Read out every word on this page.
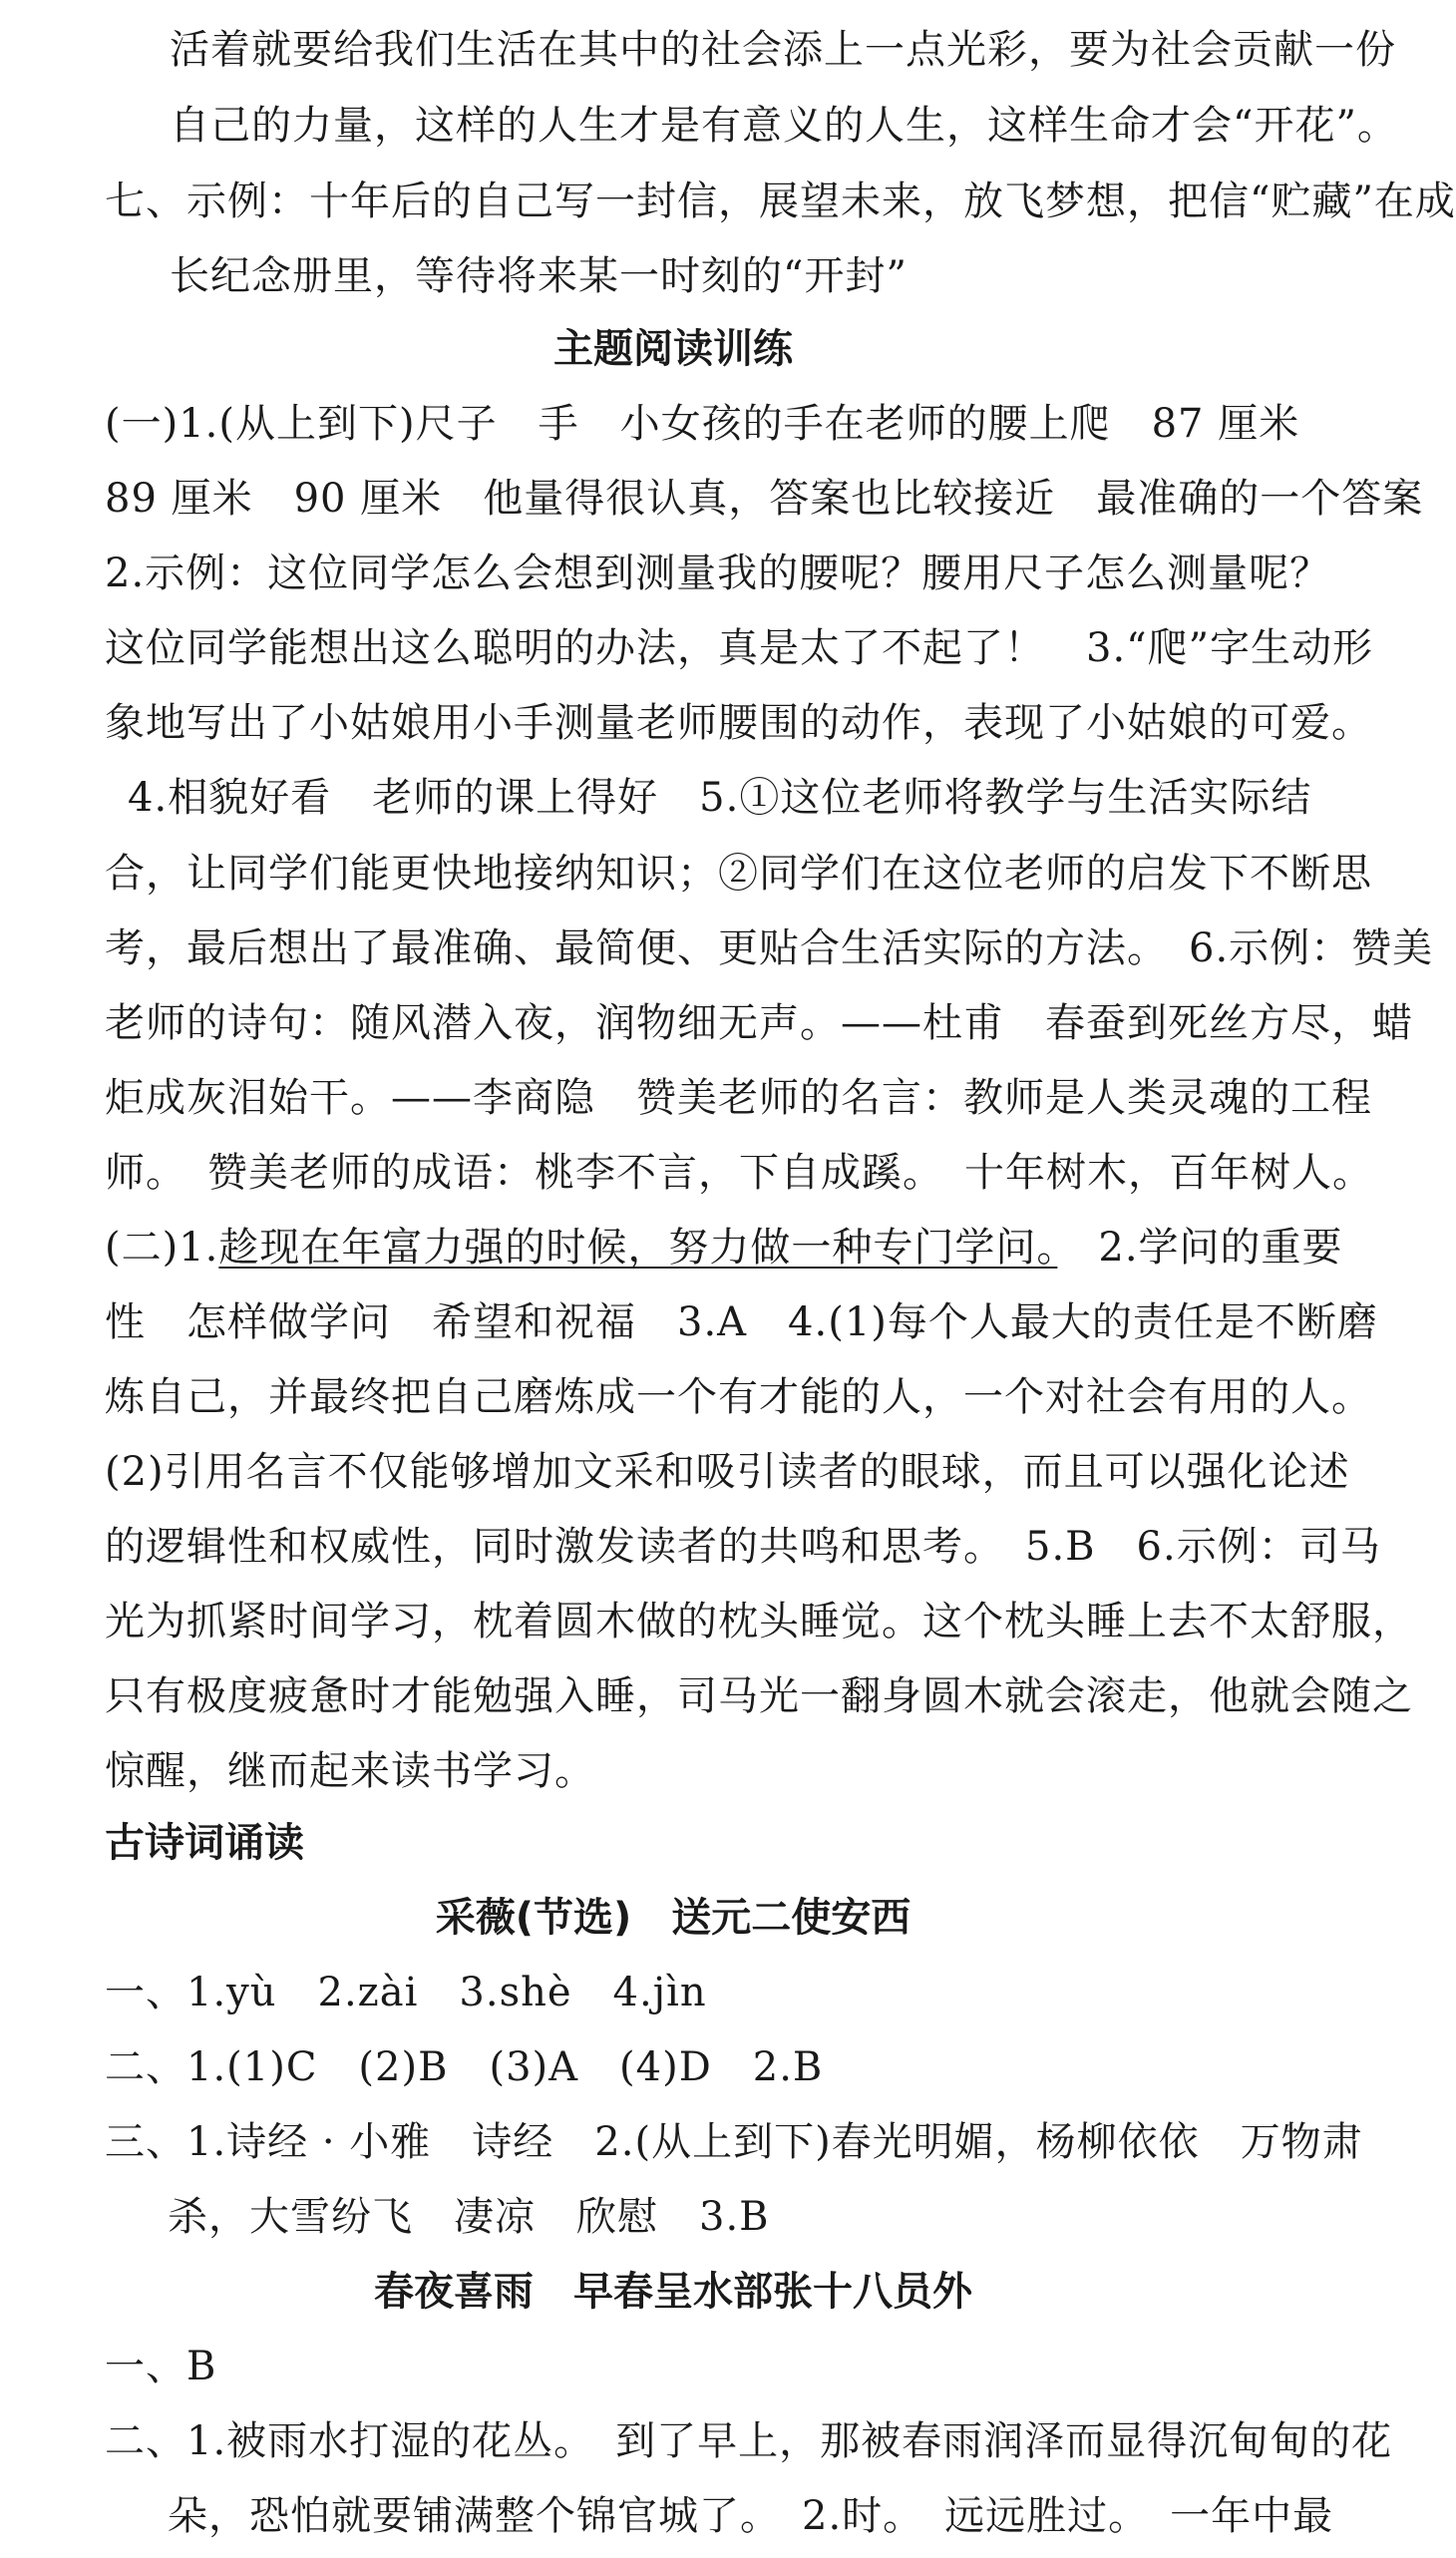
活着就要给我们生活在其中的社会添上一点光彩，要为社会贡献一份
自己的力量，这样的人生才是有意义的人生，这样生命才会“开花”。
七、示例：十年后的自己写一封信，展望未来，放飞梦想，把信“贮藏”在成
长纪念册里，等待将来某一时刻的“开封”
主题阅读训练
(一)1.(从上到下)尺子　手　小女孩的手在老师的腰上爬　87 厘米
89 厘米　90 厘米　他量得很认真，答案也比较接近　最准确的一个答案
2.示例：这位同学怎么会想到测量我的腰呢？腰用尺子怎么测量呢？
这位同学能想出这么聪明的办法，真是太了不起了！　3.“爬”字生动形
象地写出了小姑娘用小手测量老师腰围的动作，表现了小姑娘的可爱。
4.相貌好看　老师的课上得好　5.①这位老师将教学与生活实际结
合，让同学们能更快地接纳知识；②同学们在这位老师的启发下不断思
考，最后想出了最准确、最简便、更贴合生活实际的方法。　6.示例：赞美
老师的诗句：随风潜入夜，润物细无声。——杜甫　春蚕到死丝方尽，蜡
炬成灰泪始干。——李商隐　赞美老师的名言：教师是人类灵魂的工程
师。　赞美老师的成语：桃李不言，下自成蹊。　十年树木，百年树人。
(二)1.趁现在年富力强的时候，努力做一种专门学问。　2.学问的重要
性　怎样做学问　希望和祝福　3.A　4.(1)每个人最大的责任是不断磨
炼自己，并最终把自己磨炼成一个有才能的人，一个对社会有用的人。
(2)引用名言不仅能够增加文采和吸引读者的眼球，而且可以强化论述
的逻辑性和权威性，同时激发读者的共鸣和思考。　5.B　6.示例：司马
光为抓紧时间学习，枕着圆木做的枕头睡觉。这个枕头睡上去不太舒服，
只有极度疲惫时才能勉强入睡，司马光一翻身圆木就会滚走，他就会随之
惊醒，继而起来读书学习。
古诗词诵读
采薇(节选)　送元二使安西
一、1.yù　2.zài　3.shè　4.jìn
二、1.(1)C　(2)B　(3)A　(4)D　2.B
三、1.诗经 · 小雅　诗经　2.(从上到下)春光明媚，杨柳依依　万物肃
杀，大雪纷飞　凄凉　欣慰　3.B
春夜喜雨　早春呈水部张十八员外
一、B
二、1.被雨水打湿的花丛。　到了早上，那被春雨润泽而显得沉甸甸的花
朵，恐怕就要铺满整个锦官城了。　2.时。　远远胜过。　一年中最
